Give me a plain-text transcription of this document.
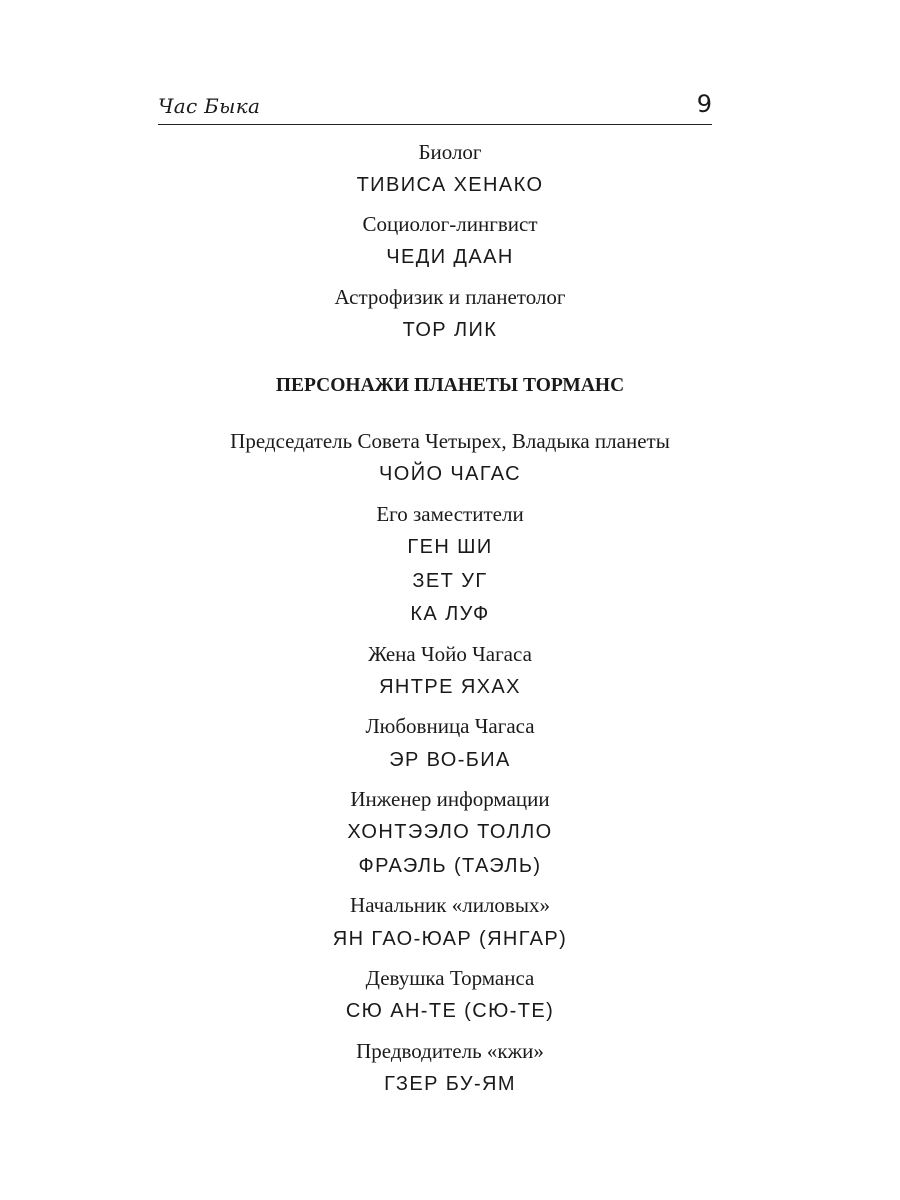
Час Быка	9
Биолог
ТИВИСА ХЕНАКО
Социолог-лингвист
ЧЕДИ ДААН
Астрофизик и планетолог
ТОР ЛИК
ПЕРСОНАЖИ ПЛАНЕТЫ ТОРМАНС
Председатель Совета Четырех, Владыка планеты
ЧОЙО ЧАГАС
Его заместители
ГЕН ШИ
ЗЕТ УГ
КА ЛУФ
Жена Чойо Чагаса
ЯНТРЕ ЯХАХ
Любовница Чагаса
ЭР ВО-БИА
Инженер информации
ХОНТЭЭЛО ТОЛЛО
ФРАЭЛЬ (ТАЭЛЬ)
Начальник «лиловых»
ЯН ГАО-ЮАР (ЯНГАР)
Девушка Торманса
СЮ АН-ТЕ (СЮ-ТЕ)
Предводитель «кжи»
ГЗЕР БУ-ЯМ
